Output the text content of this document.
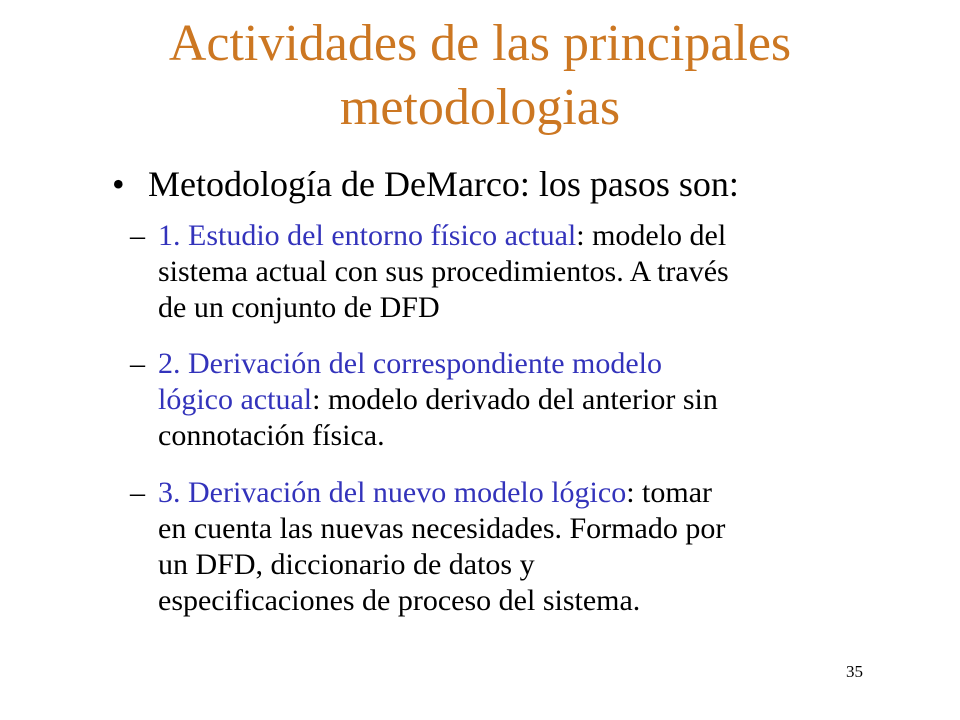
Actividades de las principales
metodologias
• Metodología de DeMarco: los pasos son:
– 1. Estudio del entorno físico actual: modelo del
sistema actual con sus procedimientos. A través
de un conjunto de DFD
– 2. Derivación del correspondiente modelo
lógico actual: modelo derivado del anterior sin
connotación física.
– 3. Derivación del nuevo modelo lógico: tomar
en cuenta las nuevas necesidades. Formado por
un DFD, diccionario de datos y
especificaciones de proceso del sistema.
35
